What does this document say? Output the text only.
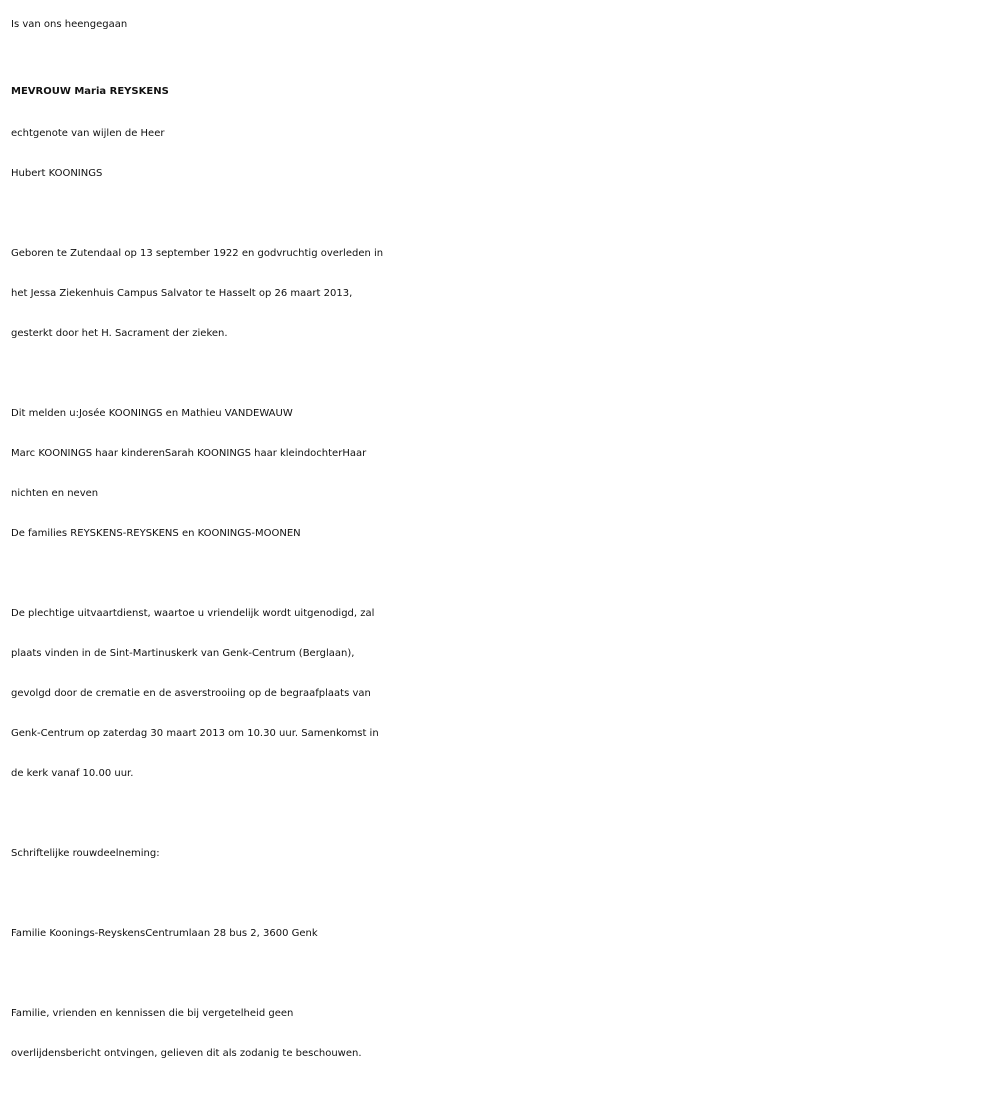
Is van ons heengegaan
MEVROUW Maria REYSKENS
echtgenote van wijlen de Heer
Hubert KOONINGS
Geboren te Zutendaal op 13 september 1922 en godvruchtig overleden in
het Jessa Ziekenhuis Campus Salvator te Hasselt op 26 maart 2013,
gesterkt door het H. Sacrament der zieken.
Dit melden u:Josée KOONINGS en Mathieu VANDEWAUW
Marc KOONINGS haar kinderenSarah KOONINGS haar kleindochterHaar
nichten en neven
De families REYSKENS-REYSKENS en KOONINGS-MOONEN
De plechtige uitvaartdienst, waartoe u vriendelijk wordt uitgenodigd, zal
plaats vinden in de Sint-Martinuskerk van Genk-Centrum (Berglaan),
gevolgd door de crematie en de asverstrooiing op de begraafplaats van
Genk-Centrum op zaterdag 30 maart 2013 om 10.30 uur. Samenkomst in
de kerk vanaf 10.00 uur.
Schriftelijke rouwdeelneming:
Familie Koonings-ReyskensCentrumlaan 28 bus 2, 3600 Genk
Familie, vrienden en kennissen die bij vergetelheid geen
overlijdensbericht ontvingen, gelieven dit als zodanig te beschouwen.
